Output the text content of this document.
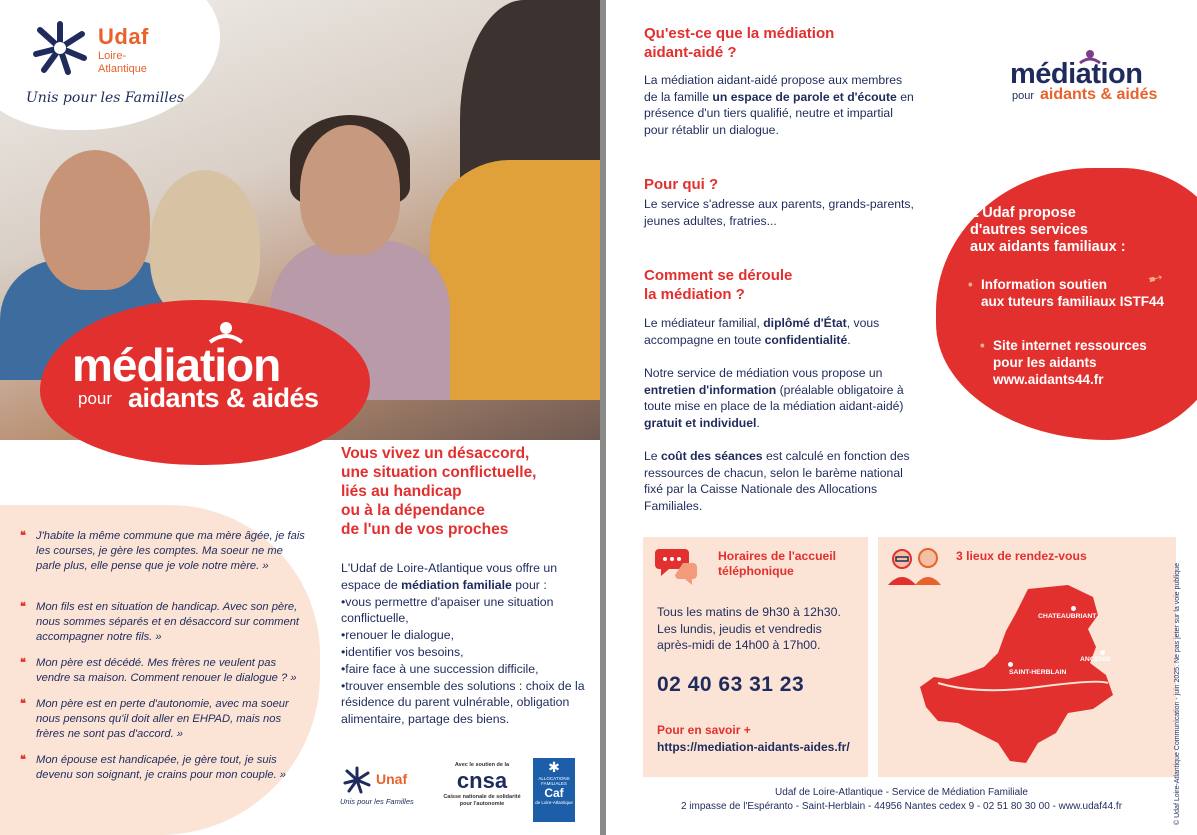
Udaf
Loire-Atlantique
Unis pour les Familles
médiation
pour aidants & aidés
❝ J'habite la même commune que ma mère âgée, je fais les courses, je gère les comptes. Ma soeur ne me parle plus, elle pense que je vole notre mère. »
❝ Mon fils est en situation de handicap. Avec son père, nous sommes séparés et en désaccord sur comment accompagner notre fils. »
❝ Mon père est décédé. Mes frères ne veulent pas vendre sa maison. Comment renouer le dialogue ? »
❝ Mon père est en perte d'autonomie, avec ma soeur nous pensons qu'il doit aller en EHPAD, mais nos frères ne sont pas d'accord. »
❝ Mon épouse est handicapée, je gère tout, je suis devenu son soignant, je crains pour mon couple. »
Vous vivez un désaccord,
une situation conflictuelle,
liés au handicap
ou à la dépendance
de l'un de vos proches
L'Udaf de Loire-Atlantique vous offre un espace de médiation familiale pour :
•vous permettre d'apaiser une situation conflictuelle,
•renouer le dialogue,
•identifier vos besoins,
•faire face à une succession difficile,
•trouver ensemble des solutions : choix de la résidence du parent vulnérable, obligation alimentaire, partage des biens.
Unaf
Unis pour les Familles
Avec le soutien de la
cnsa
Caisse nationale de solidarité pour l'autonomie
✱
ALLOCATIONS FAMILIALES
Caf
de Loire-Atlantique
Qu'est-ce que la médiation
aidant-aidé ?
La médiation aidant-aidé propose aux membres de la famille un espace de parole et d'écoute en présence d'un tiers qualifié, neutre et impartial pour rétablir un dialogue.
médiation
pour aidants & aidés
Pour qui ?
Le service s'adresse aux parents, grands-parents, jeunes adultes, fratries...
Comment se déroule
la médiation ?
Le médiateur familial, diplômé d'État, vous accompagne en toute confidentialité.
Notre service de médiation vous propose un entretien d'information (préalable obligatoire à toute mise en place de la médiation aidant-aidé) gratuit et individuel.
Le coût des séances est calculé en fonction des ressources de chacun, selon le barème national fixé par la Caisse Nationale des Allocations Familiales.
L'Udaf propose
d'autres services
aux aidants familiaux :
• Information soutien
aux tuteurs familiaux ISTF44
➹
• Site internet ressources
pour les aidants
www.aidants44.fr
Horaires de l'accueil
téléphonique
Tous les matins de 9h30 à 12h30.
Les lundis, jeudis et vendredis
après-midi de 14h00 à 17h00.
02 40 63 31 23
Pour en savoir +
https://mediation-aidants-aides.fr/
3 lieux de rendez-vous
CHATEAUBRIANT
SAINT-HERBLAIN
ANCENIS
Udaf de Loire-Atlantique - Service de Médiation Familiale
2 impasse de l'Espéranto - Saint-Herblain - 44956 Nantes cedex 9 - 02 51 80 30 00 - www.udaf44.fr	© Udaf Loire-Atlantique Communication - juin 2025. Ne pas jeter sur la voie publique
